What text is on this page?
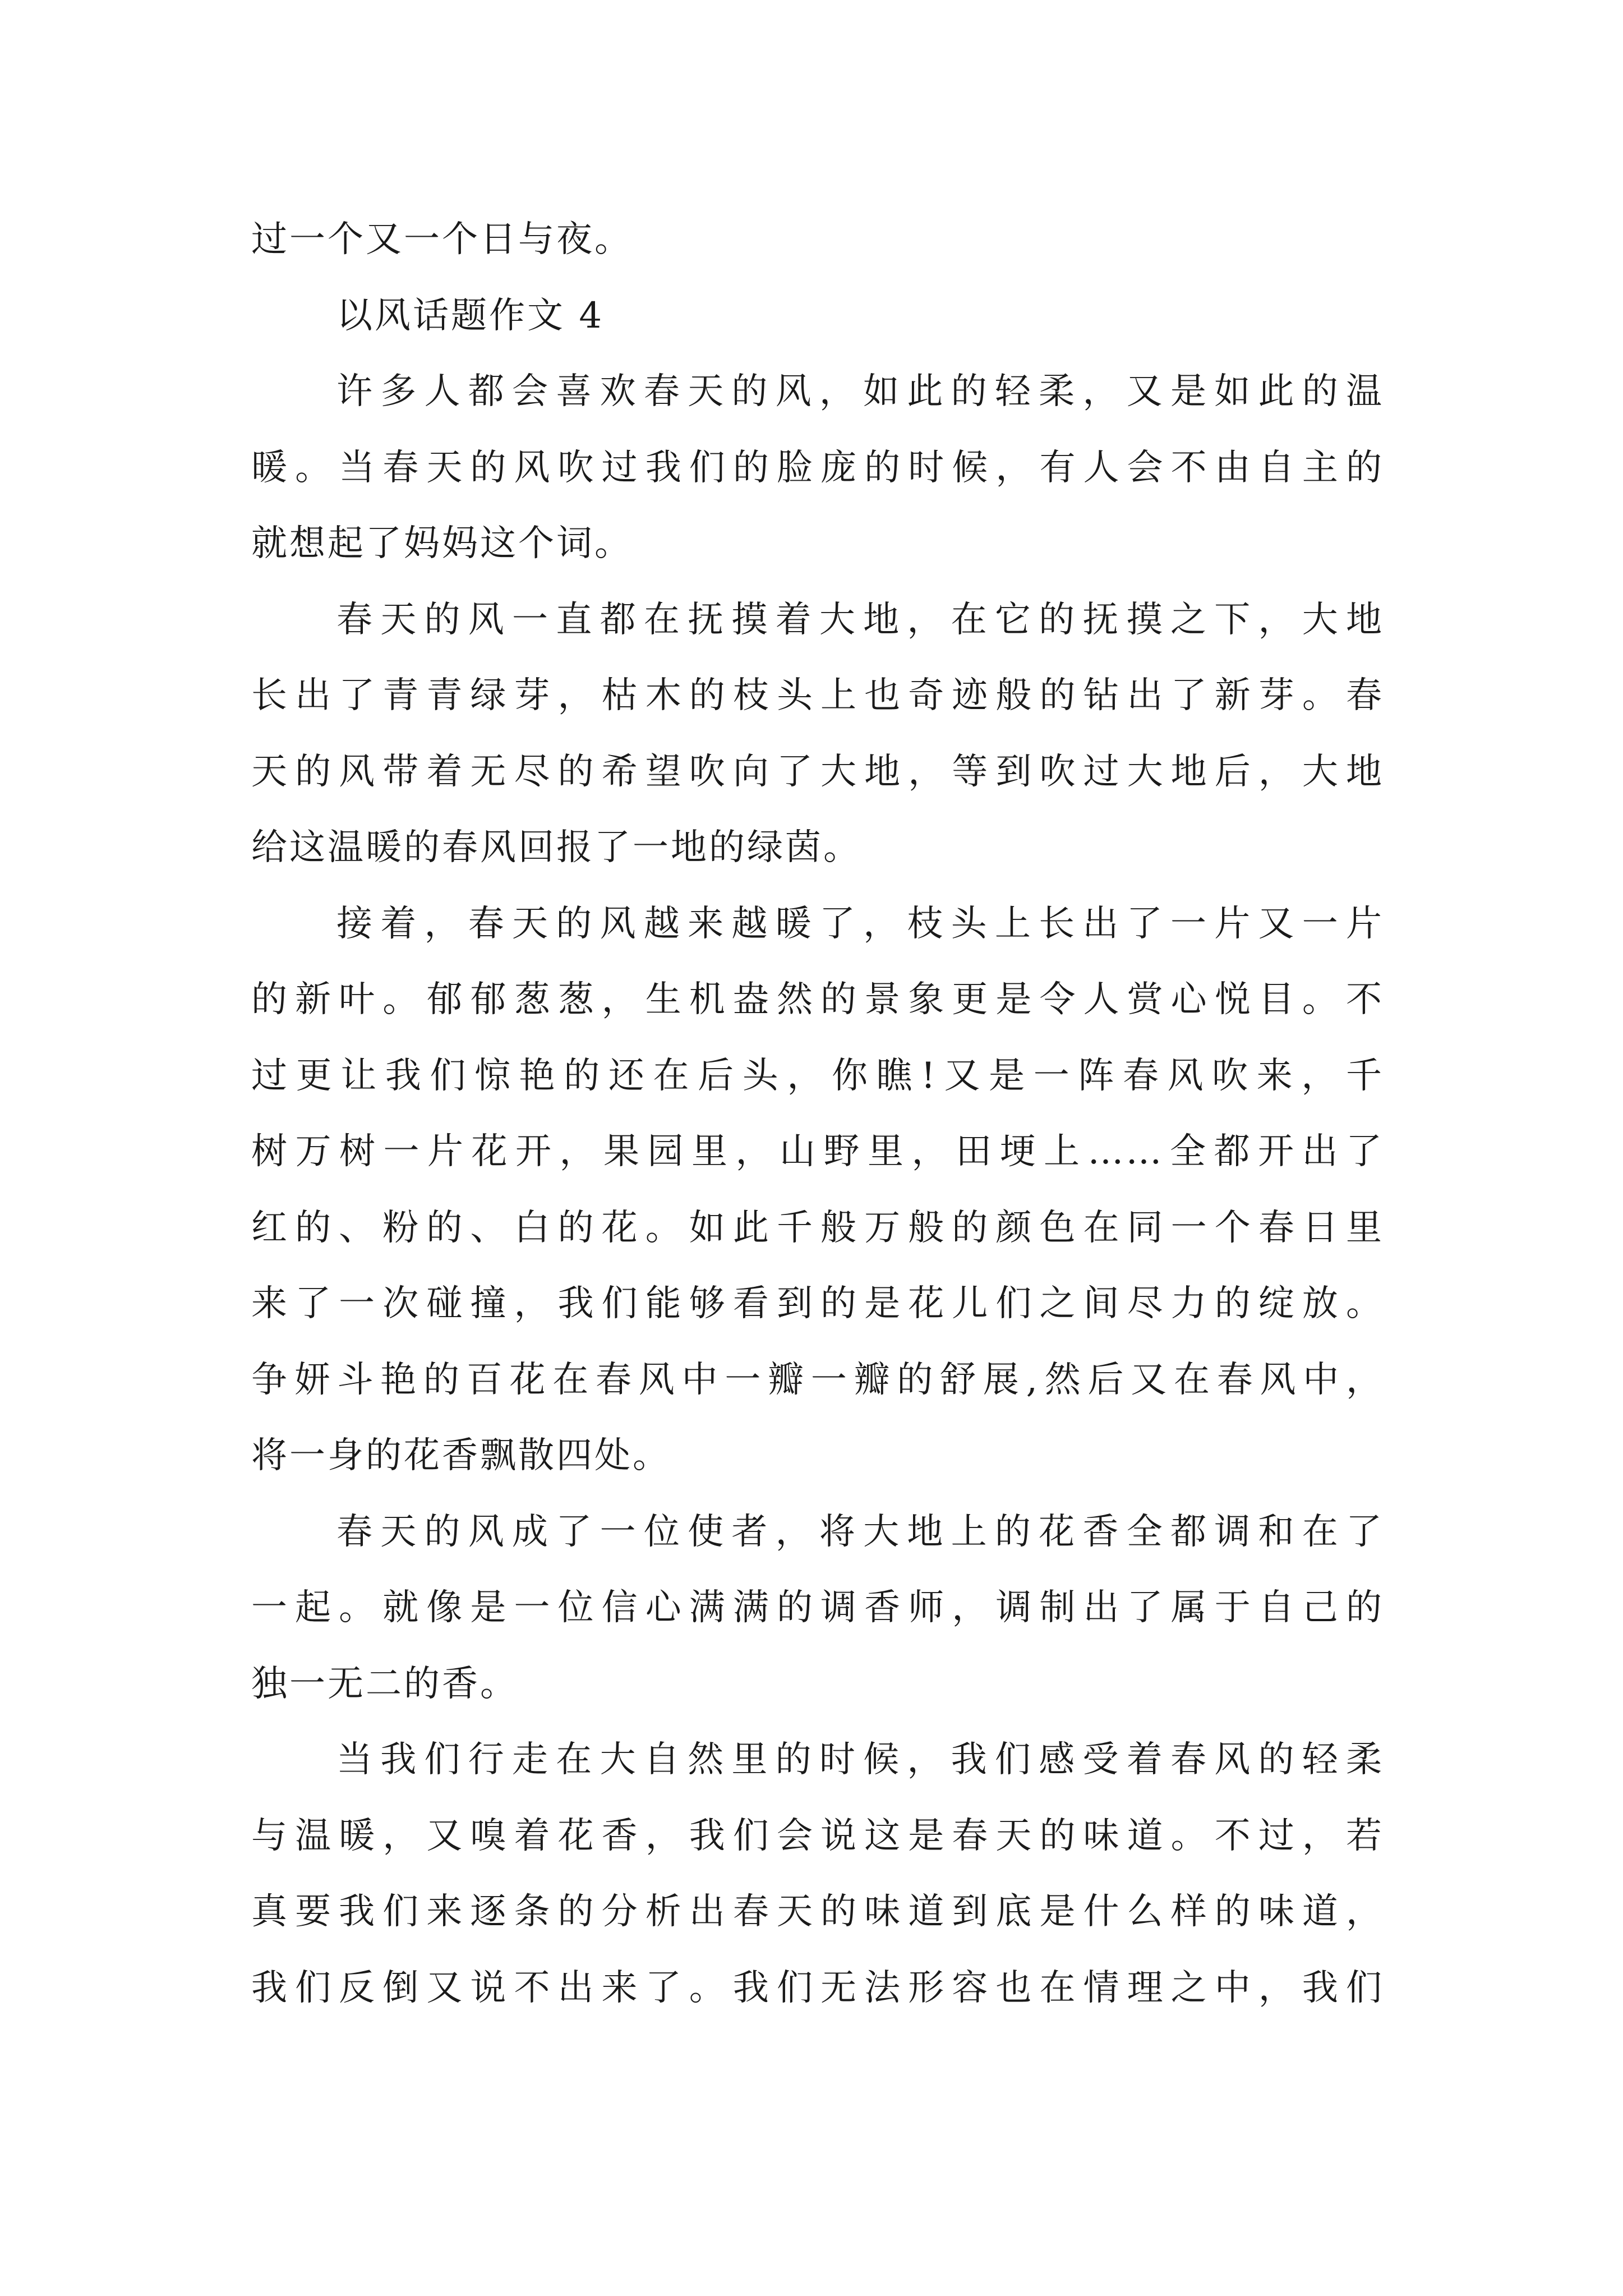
过一个又一个日与夜。
以风话题作文 4
许多人都会喜欢春天的风，如此的轻柔，又是如此的温
暖。当春天的风吹过我们的脸庞的时候，有人会不由自主的
就想起了妈妈这个词。
春天的风一直都在抚摸着大地，在它的抚摸之下，大地
长出了青青绿芽，枯木的枝头上也奇迹般的钻出了新芽。春
天的风带着无尽的希望吹向了大地，等到吹过大地后，大地
给这温暖的春风回报了一地的绿茵。
接着，春天的风越来越暖了，枝头上长出了一片又一片
的新叶。郁郁葱葱，生机盎然的景象更是令人赏心悦目。不
过更让我们惊艳的还在后头，你瞧!又是一阵春风吹来，千
树万树一片花开，果园里，山野里，田埂上……全都开出了
红的、粉的、白的花。如此千般万般的颜色在同一个春日里
来了一次碰撞，我们能够看到的是花儿们之间尽力的绽放。
争妍斗艳的百花在春风中一瓣一瓣的舒展,然后又在春风中，
将一身的花香飘散四处。
春天的风成了一位使者，将大地上的花香全都调和在了
一起。就像是一位信心满满的调香师，调制出了属于自己的
独一无二的香。
当我们行走在大自然里的时候，我们感受着春风的轻柔
与温暖，又嗅着花香，我们会说这是春天的味道。不过，若
真要我们来逐条的分析出春天的味道到底是什么样的味道，
我们反倒又说不出来了。我们无法形容也在情理之中，我们
